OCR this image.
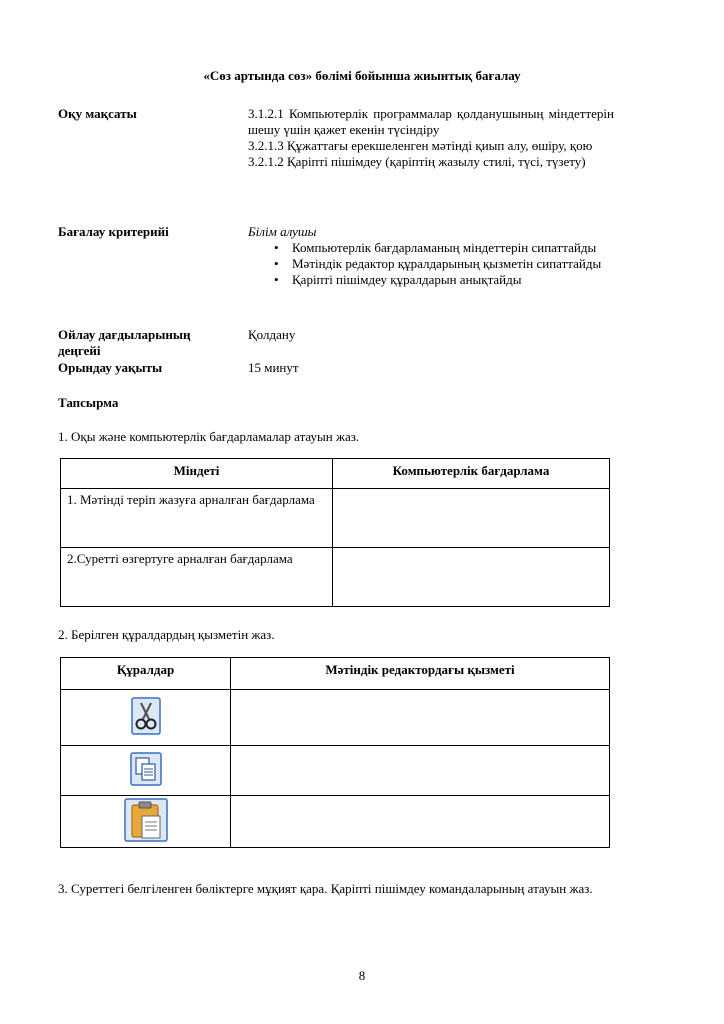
«Сөз артында сөз» бөлімі бойынша жиынтық бағалау
Оқу мақсаты	3.1.2.1 Компьютерлік программалар қолданушының міндеттерін шешу үшін қажет екенін түсіндіру
3.2.1.3 Құжаттағы ерекшеленген мәтінді қиып алу, өшіру, қою
3.2.1.2 Қаріпті пішімдеу (қаріптің жазылу стилі, түсі, түзету)
Бағалау критерийі	Білім алушы
• Компьютерлік бағдарламаның міндеттерін сипаттайды
• Мәтіндік редактор құралдарының қызметін сипаттайды
• Қаріпті пішімдеу құралдарын анықтайды
Ойлау дағдыларының деңгейі
Қолдану
Орындау уақыты	15 минут
Тапсырма
1. Оқы және компьютерлік бағдарламалар атауын жаз.
Міндеті	Компьютерлік бағдарлама
1. Мәтінді теріп жазуға арналған бағдарлама	
2.Суретті өзгертуге арналған бағдарлама	
2. Берілген құралдардың қызметін жаз.
Құралдар	Мәтіндік редактордағы қызметі

3. Суреттегі белгіленген бөліктерге мұқият қара. Қаріпті пішімдеу командаларының атауын жаз.
8
